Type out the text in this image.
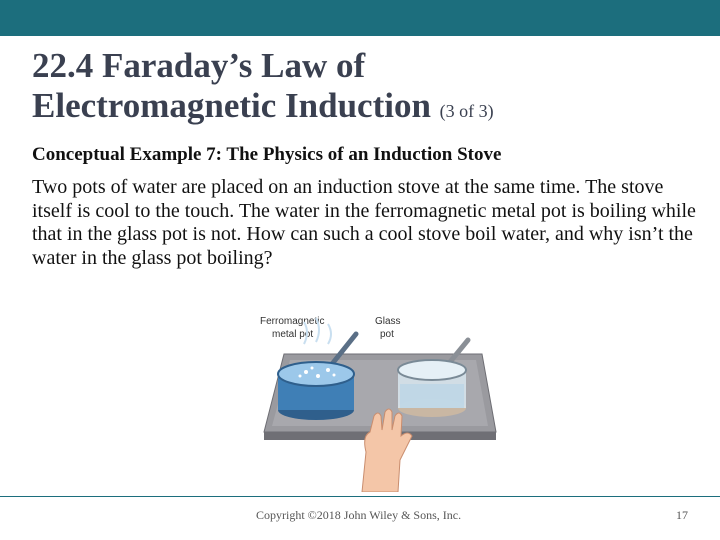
22.4 Faraday’s Law of
Electromagnetic Induction (3 of 3)
Conceptual Example 7: The Physics of an Induction Stove
Two pots of water are placed on an induction stove at the same time. The stove itself is cool to the touch. The water in the ferromagnetic metal pot is boiling while that in the glass pot is not. How can such a cool stove boil water, and why isn’t the water in the glass pot boiling?
Ferromagnetic
metal pot
Glass
pot
Copyright ©2018 John Wiley & Sons, Inc.	17
